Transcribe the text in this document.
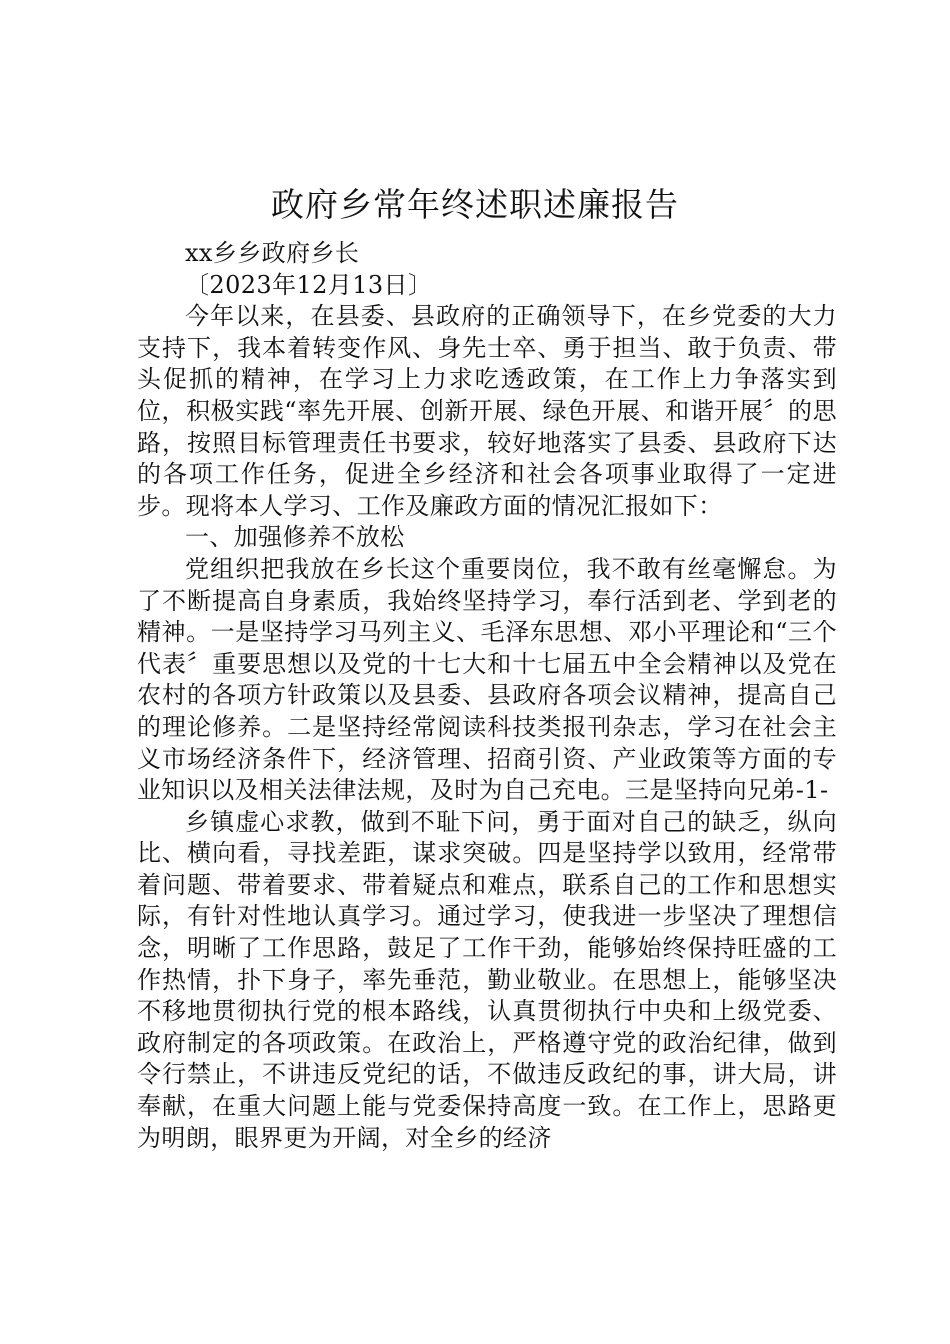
政府乡常年终述职述廉报告

xx乡乡政府乡长

〔2023年12月13日〕

今年以来，在县委、县政府的正确领导下，在乡党委的大力支持下，我本着转变作风、身先士卒、勇于担当、敢于负责、带头促抓的精神，在学习上力求吃透政策，在工作上力争落实到位，积极实践“率先开展、创新开展、绿色开展、和谐开展〞的思路，按照目标管理责任书要求，较好地落实了县委、县政府下达的各项工作任务，促进全乡经济和社会各项事业取得了一定进步。现将本人学习、工作及廉政方面的情况汇报如下：

一、加强修养不放松

党组织把我放在乡长这个重要岗位，我不敢有丝毫懈怠。为了不断提高自身素质，我始终坚持学习，奉行活到老、学到老的精神。一是坚持学习马列主义、毛泽东思想、邓小平理论和“三个代表〞重要思想以及党的十七大和十七届五中全会精神以及党在农村的各项方针政策以及县委、县政府各项会议精神，提高自己的理论修养。二是坚持经常阅读科技类报刊杂志，学习在社会主义市场经济条件下，经济管理、招商引资、产业政策等方面的专业知识以及相关法律法规，及时为自己充电。三是坚持向兄弟-1-

乡镇虚心求教，做到不耻下问，勇于面对自己的缺乏，纵向比、横向看，寻找差距，谋求突破。四是坚持学以致用，经常带着问题、带着要求、带着疑点和难点，联系自己的工作和思想实际，有针对性地认真学习。通过学习，使我进一步坚决了理想信念，明晰了工作思路，鼓足了工作干劲，能够始终保持旺盛的工作热情，扑下身子，率先垂范，勤业敬业。在思想上，能够坚决不移地贯彻执行党的根本路线，认真贯彻执行中央和上级党委、政府制定的各项政策。在政治上，严格遵守党的政治纪律，做到令行禁止，不讲违反党纪的话，不做违反政纪的事，讲大局，讲奉献，在重大问题上能与党委保持高度一致。在工作上，思路更为明朗，眼界更为开阔，对全乡的经济
